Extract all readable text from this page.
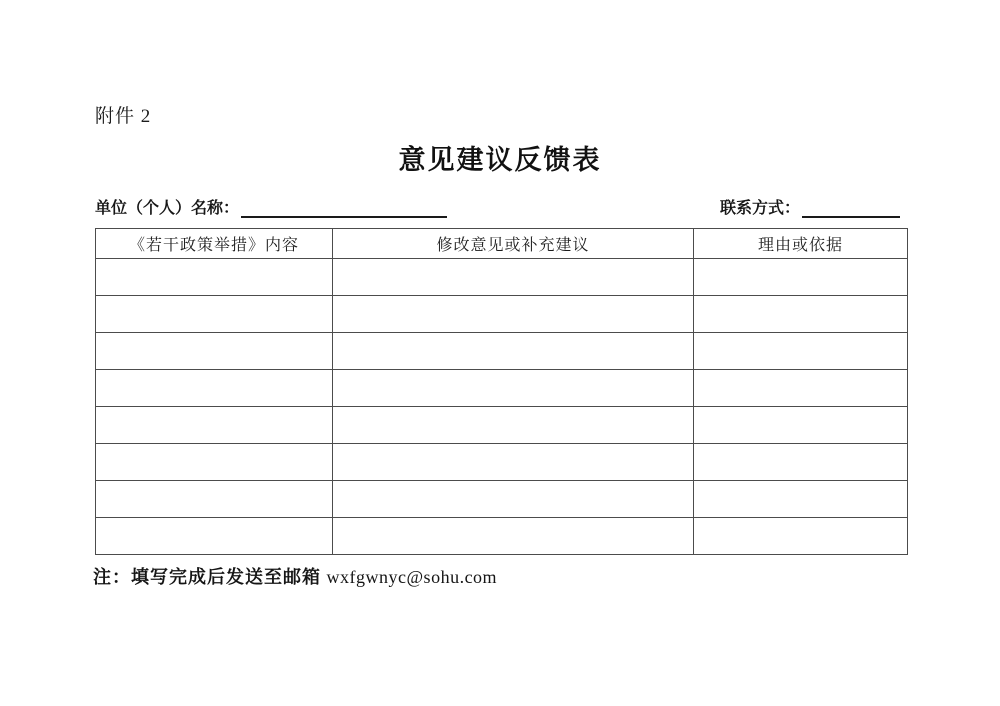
附件 2
意见建议反馈表
单位（个人）名称：	联系方式：
《若干政策举措》内容	修改意见或补充建议	理由或依据

注：填写完成后发送至邮箱 wxfgwnyc@sohu.com
